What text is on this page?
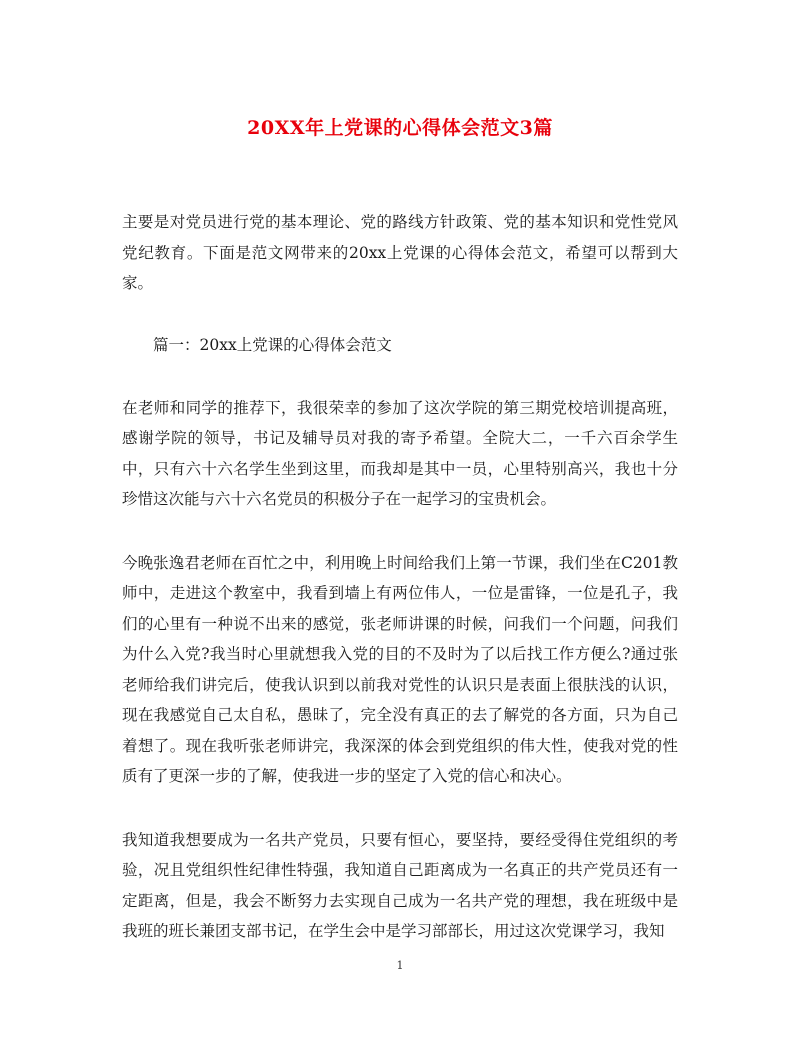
20XX年上党课的心得体会范文3篇

主要是对党员进行党的基本理论、党的路线方针政策、党的基本知识和党性党风党纪教育。下面是范文网带来的20xx上党课的心得体会范文，希望可以帮到大家。

篇一：20xx上党课的心得体会范文

在老师和同学的推荐下，我很荣幸的参加了这次学院的第三期党校培训提高班，感谢学院的领导，书记及辅导员对我的寄予希望。全院大二，一千六百余学生中，只有六十六名学生坐到这里，而我却是其中一员，心里特别高兴，我也十分珍惜这次能与六十六名党员的积极分子在一起学习的宝贵机会。

今晚张逸君老师在百忙之中，利用晚上时间给我们上第一节课，我们坐在C201教师中，走进这个教室中，我看到墙上有两位伟人，一位是雷锋，一位是孔子，我们的心里有一种说不出来的感觉，张老师讲课的时候，问我们一个问题，问我们为什么入党?我当时心里就想我入党的目的不及时为了以后找工作方便么?通过张老师给我们讲完后，使我认识到以前我对党性的认识只是表面上很肤浅的认识，现在我感觉自己太自私，愚昧了，完全没有真正的去了解党的各方面，只为自己着想了。现在我听张老师讲完，我深深的体会到党组织的伟大性，使我对党的性质有了更深一步的了解，使我进一步的坚定了入党的信心和决心。

我知道我想要成为一名共产党员，只要有恒心，要坚持，要经受得住党组织的考验，况且党组织性纪律性特强，我知道自己距离成为一名真正的共产党员还有一定距离，但是，我会不断努力去实现自己成为一名共产党的理想，我在班级中是我班的班长兼团支部书记，在学生会中是学习部部长，用过这次党课学习，我知

1
